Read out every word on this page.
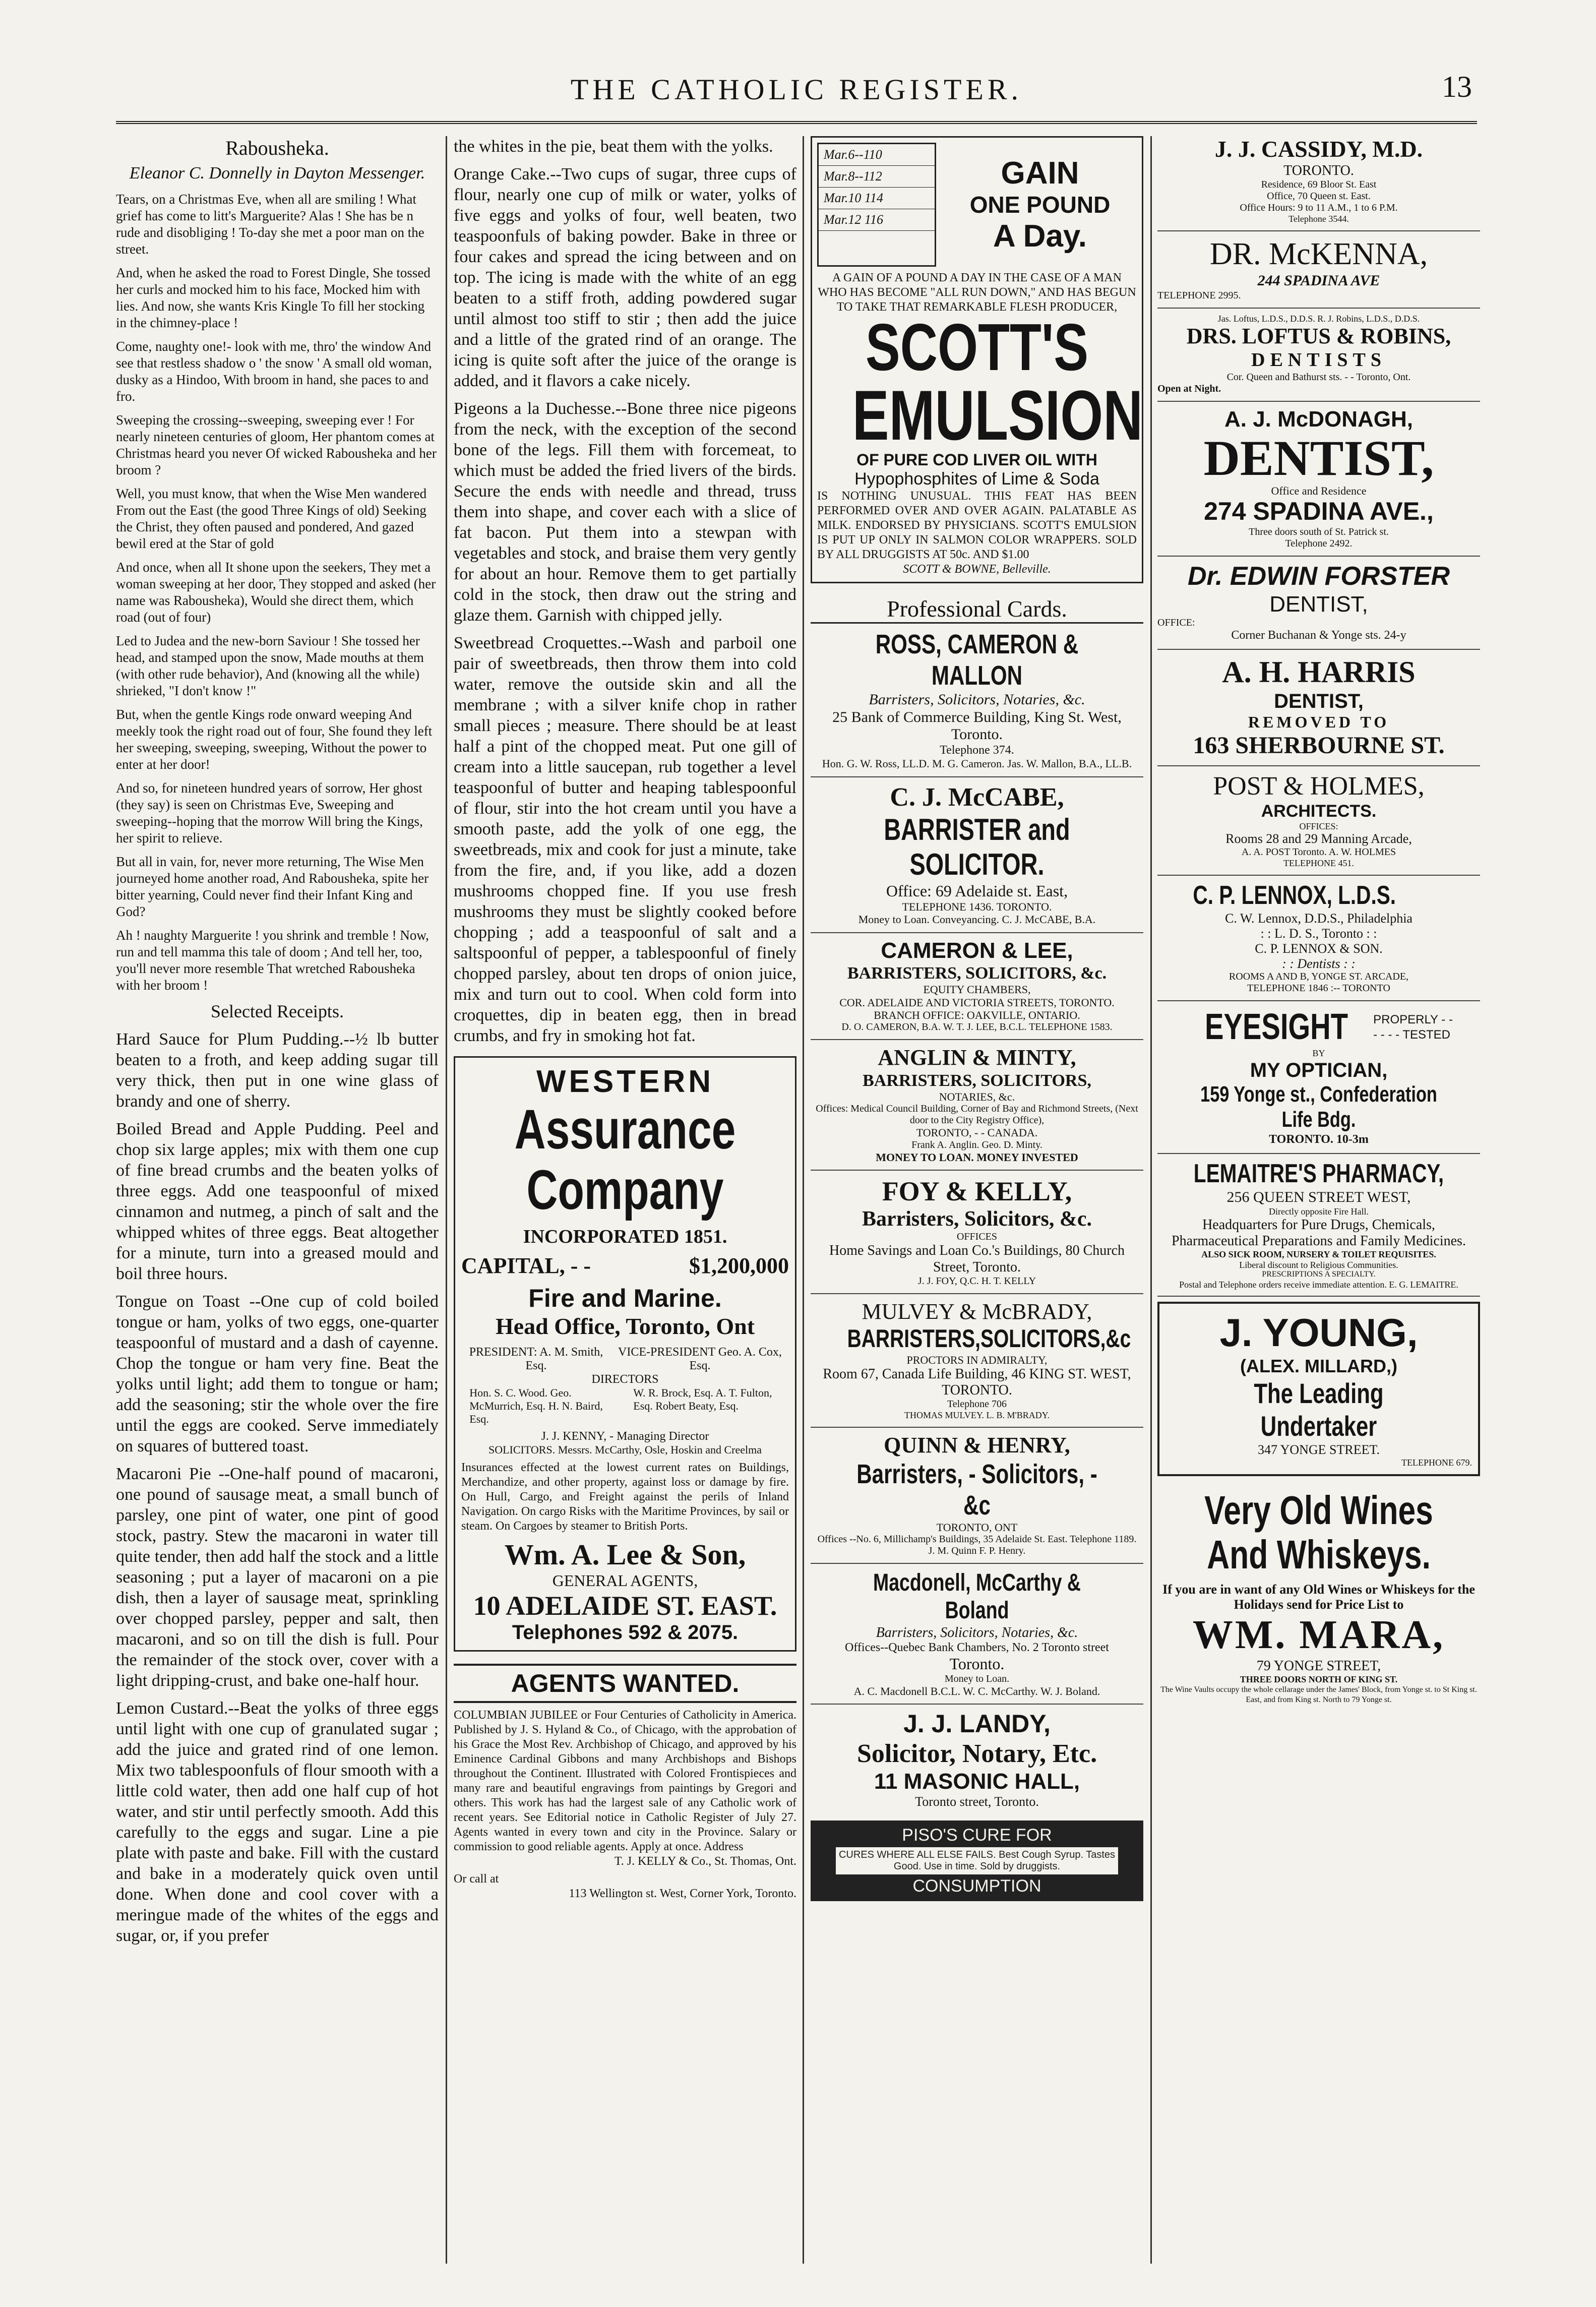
THE CATHOLIC REGISTER.	13
Rabousheka.
Eleanor C. Donnelly in Dayton Messenger.
Tears, on a Christmas Eve, when all are smiling ! What grief has come to litt's Marguerite? Alas ! She has be n rude and disobliging ! To-day she met a poor man on the street.
And, when he asked the road to Forest Dingle, She tossed her curls and mocked him to his face, Mocked him with lies. And now, she wants Kris Kingle To fill her stocking in the chimney-place !
Come, naughty one!- look with me, thro' the window And see that restless shadow o ' the snow ' A small old woman, dusky as a Hindoo, With broom in hand, she paces to and fro.
Sweeping the crossing--sweeping, sweeping ever ! For nearly nineteen centuries of gloom, Her phantom comes at Christmas heard you never Of wicked Rabousheka and her broom ?
Well, you must know, that when the Wise Men wandered From out the East (the good Three Kings of old) Seeking the Christ, they often paused and pondered, And gazed bewil ered at the Star of gold
And once, when all It shone upon the seekers, They met a woman sweeping at her door, They stopped and asked (her name was Rabousheka), Would she direct them, which road (out of four)
Led to Judea and the new-born Saviour ! She tossed her head, and stamped upon the snow, Made mouths at them (with other rude behavior), And (knowing all the while) shrieked, "I don't know !"
But, when the gentle Kings rode onward weeping And meekly took the right road out of four, She found they left her sweeping, sweeping, sweeping, Without the power to enter at her door!
And so, for nineteen hundred years of sorrow, Her ghost (they say) is seen on Christmas Eve, Sweeping and sweeping--hoping that the morrow Will bring the Kings, her spirit to relieve.
But all in vain, for, never more returning, The Wise Men journeyed home another road, And Rabousheka, spite her bitter yearning, Could never find their Infant King and God?
Ah ! naughty Marguerite ! you shrink and tremble ! Now, run and tell mamma this tale of doom ; And tell her, too, you'll never more resemble That wretched Rabousheka with her broom !
Selected Receipts.

Hard Sauce for Plum Pudding.--½ lb butter beaten to a froth, and keep adding sugar till very thick, then put in one wine glass of brandy and one of sherry.

Boiled Bread and Apple Pudding. Peel and chop six large apples; mix with them one cup of fine bread crumbs and the beaten yolks of three eggs. Add one teaspoonful of mixed cinnamon and nutmeg, a pinch of salt and the whipped whites of three eggs. Beat altogether for a minute, turn into a greased mould and boil three hours.

Tongue on Toast --One cup of cold boiled tongue or ham, yolks of two eggs, one-quarter teaspoonful of mustard and a dash of cayenne. Chop the tongue or ham very fine. Beat the yolks until light; add them to tongue or ham; add the seasoning; stir the whole over the fire until the eggs are cooked. Serve immediately on squares of buttered toast.

Macaroni Pie --One-half pound of macaroni, one pound of sausage meat, a small bunch of parsley, one pint of water, one pint of good stock, pastry. Stew the macaroni in water till quite tender, then add half the stock and a little seasoning ; put a layer of macaroni on a pie dish, then a layer of sausage meat, sprinkling over chopped parsley, pepper and salt, then macaroni, and so on till the dish is full. Pour the remainder of the stock over, cover with a light dripping-crust, and bake one-half hour.

Lemon Custard.--Beat the yolks of three eggs until light with one cup of granulated sugar ; add the juice and grated rind of one lemon. Mix two tablespoonfuls of flour smooth with a little cold water, then add one half cup of hot water, and stir until perfectly smooth. Add this carefully to the eggs and sugar. Line a pie plate with paste and bake. Fill with the custard and bake in a moderately quick oven until done. When done and cool cover with a meringue made of the whites of the eggs and sugar, or, if you prefer

the whites in the pie, beat them with the yolks.

Orange Cake.--Two cups of sugar, three cups of flour, nearly one cup of milk or water, yolks of five eggs and yolks of four, well beaten, two teaspoonfuls of baking powder. Bake in three or four cakes and spread the icing between and on top. The icing is made with the white of an egg beaten to a stiff froth, adding powdered sugar until almost too stiff to stir ; then add the juice and a little of the grated rind of an orange. The icing is quite soft after the juice of the orange is added, and it flavors a cake nicely.

Pigeons a la Duchesse.--Bone three nice pigeons from the neck, with the exception of the second bone of the legs. Fill them with forcemeat, to which must be added the fried livers of the birds. Secure the ends with needle and thread, truss them into shape, and cover each with a slice of fat bacon. Put them into a stewpan with vegetables and stock, and braise them very gently for about an hour. Remove them to get partially cold in the stock, then draw out the string and glaze them. Garnish with chipped jelly.

Sweetbread Croquettes.--Wash and parboil one pair of sweetbreads, then throw them into cold water, remove the outside skin and all the membrane ; with a silver knife chop in rather small pieces ; measure. There should be at least half a pint of the chopped meat. Put one gill of cream into a little saucepan, rub together a level teaspoonful of butter and heaping tablespoonful of flour, stir into the hot cream until you have a smooth paste, add the yolk of one egg, the sweetbreads, mix and cook for just a minute, take from the fire, and, if you like, add a dozen mushrooms chopped fine. If you use fresh mushrooms they must be slightly cooked before chopping ; add a teaspoonful of salt and a saltspoonful of pepper, a tablespoonful of finely chopped parsley, about ten drops of onion juice, mix and turn out to cool. When cold form into croquettes, dip in beaten egg, then in bread crumbs, and fry in smoking hot fat.

WESTERN
Assurance Company
INCORPORATED 1851.
CAPITAL, - -	$1,200,000
Fire and Marine.
Head Office, Toronto, Ont
PRESIDENT: A. M. Smith, Esq.
VICE-PRESIDENT Geo. A. Cox, Esq.
DIRECTORS
Hon. S. C. Wood. Geo. McMurrich, Esq. H. N. Baird, Esq.
W. R. Brock, Esq. A. T. Fulton, Esq. Robert Beaty, Esq.
J. J. KENNY, - Managing Director
SOLICITORS. Messrs. McCarthy, Osle, Hoskin and Creelma
Insurances effected at the lowest current rates on Buildings, Merchandize, and other property, against loss or damage by fire. On Hull, Cargo, and Freight against the perils of Inland Navigation. On cargo Risks with the Maritime Provinces, by sail or steam. On Cargoes by steamer to British Ports.
Wm. A. Lee & Son,
GENERAL AGENTS,
10 ADELAIDE ST. EAST.
Telephones 592 & 2075.
AGENTS WANTED.
COLUMBIAN JUBILEE or Four Centuries of Catholicity in America. Published by J. S. Hyland & Co., of Chicago, with the approbation of his Grace the Most Rev. Archbishop of Chicago, and approved by his Eminence Cardinal Gibbons and many Archbishops and Bishops throughout the Continent. Illustrated with Colored Frontispieces and many rare and beautiful engravings from paintings by Gregori and others. This work has had the largest sale of any Catholic work of recent years. See Editorial notice in Catholic Register of July 27. Agents wanted in every town and city in the Province. Salary or commission to good reliable agents. Apply at once. Address
T. J. KELLY & Co., St. Thomas, Ont.
Or call at
113 Wellington st. West, Corner York, Toronto.
Mar.6--110
Mar.8--112
Mar.10 114
Mar.12 116
GAIN
ONE POUND
A Day.
A GAIN OF A POUND A DAY IN THE CASE OF A MAN WHO HAS BECOME "ALL RUN DOWN," AND HAS BEGUN TO TAKE THAT REMARKABLE FLESH PRODUCER,
SCOTT'S
EMULSION
OF PURE COD LIVER OIL WITH
Hypophosphites of Lime & Soda
IS NOTHING UNUSUAL. THIS FEAT HAS BEEN PERFORMED OVER AND OVER AGAIN. PALATABLE AS MILK. ENDORSED BY PHYSICIANS. SCOTT'S EMULSION IS PUT UP ONLY IN SALMON COLOR WRAPPERS. SOLD BY ALL DRUGGISTS AT 50c. AND $1.00
SCOTT & BOWNE, Belleville.
Professional Cards.
ROSS, CAMERON & MALLON
Barristers, Solicitors, Notaries, &c.
25 Bank of Commerce Building, King St. West, Toronto.
Telephone 374.
Hon. G. W. Ross, LL.D. M. G. Cameron. Jas. W. Mallon, B.A., LL.B.
C. J. McCABE,
BARRISTER and SOLICITOR.
Office: 69 Adelaide st. East,
TELEPHONE 1436. TORONTO.
Money to Loan. Conveyancing. C. J. McCABE, B.A.
CAMERON & LEE,
BARRISTERS, SOLICITORS, &c.
EQUITY CHAMBERS,
COR. ADELAIDE AND VICTORIA STREETS, TORONTO.
BRANCH OFFICE: OAKVILLE, ONTARIO.
D. O. CAMERON, B.A. W. T. J. LEE, B.C.L. TELEPHONE 1583.
ANGLIN & MINTY,
BARRISTERS, SOLICITORS,
NOTARIES, &c.
Offices: Medical Council Building, Corner of Bay and Richmond Streets, (Next door to the City Registry Office),
TORONTO, - - CANADA.
Frank A. Anglin. Geo. D. Minty.
MONEY TO LOAN. MONEY INVESTED
FOY & KELLY,
Barristers, Solicitors, &c.
OFFICES
Home Savings and Loan Co.'s Buildings, 80 Church Street, Toronto.
J. J. FOY, Q.C. H. T. KELLY
MULVEY & McBRADY,
BARRISTERS,SOLICITORS,&c
PROCTORS IN ADMIRALTY,
Room 67, Canada Life Building, 46 KING ST. WEST, TORONTO.
Telephone 706
THOMAS MULVEY. L. B. M'BRADY.
QUINN & HENRY,
Barristers, - Solicitors, - &c
TORONTO, ONT
Offices --No. 6, Millichamp's Buildings, 35 Adelaide St. East. Telephone 1189.
J. M. Quinn F. P. Henry.
Macdonell, McCarthy & Boland
Barristers, Solicitors, Notaries, &c.
Offices--Quebec Bank Chambers, No. 2 Toronto street
Toronto.
Money to Loan.
A. C. Macdonell B.C.L. W. C. McCarthy. W. J. Boland.
J. J. LANDY,
Solicitor, Notary, Etc.
11 MASONIC HALL,
Toronto street, Toronto.
PISO'S CURE FOR
CURES WHERE ALL ELSE FAILS. Best Cough Syrup. Tastes Good. Use in time. Sold by druggists.
CONSUMPTION
J. J. CASSIDY, M.D.
TORONTO.
Residence, 69 Bloor St. East
Office, 70 Queen st. East.
Office Hours: 9 to 11 A.M., 1 to 6 P.M.
Telephone 3544.
DR. McKENNA,
244 SPADINA AVE
TELEPHONE 2995.
Jas. Loftus, L.D.S., D.D.S. R. J. Robins, L.D.S., D.D.S.
DRS. LOFTUS & ROBINS,
DENTISTS
Cor. Queen and Bathurst sts. - - Toronto, Ont.
Open at Night.
A. J. McDONAGH,
DENTIST,
Office and Residence
274 SPADINA AVE.,
Three doors south of St. Patrick st.
Telephone 2492.
Dr. EDWIN FORSTER
DENTIST,
OFFICE:
Corner Buchanan & Yonge sts. 24-y
A. H. HARRIS
DENTIST,
REMOVED TO
163 SHERBOURNE ST.
POST & HOLMES,
ARCHITECTS.
OFFICES:
Rooms 28 and 29 Manning Arcade,
A. A. POST Toronto. A. W. HOLMES
TELEPHONE 451.
C. P. LENNOX, L.D.S.
C. W. Lennox, D.D.S., Philadelphia
: : L. D. S., Toronto : :
C. P. LENNOX & SON.
: : Dentists : :
ROOMS A AND B, YONGE ST. ARCADE,
TELEPHONE 1846 :-- TORONTO
EYESIGHT PROPERLY - -
- - - - TESTED
BY
MY OPTICIAN,
159 Yonge st., Confederation Life Bdg.
TORONTO. 10-3m
LEMAITRE'S PHARMACY,
256 QUEEN STREET WEST,
Directly opposite Fire Hall.
Headquarters for Pure Drugs, Chemicals, Pharmaceutical Preparations and Family Medicines.
ALSO SICK ROOM, NURSERY & TOILET REQUISITES.
Liberal discount to Religious Communities.
PRESCRIPTIONS A SPECIALTY.
Postal and Telephone orders receive immediate attention. E. G. LEMAITRE.
J. YOUNG,
(ALEX. MILLARD,)
The Leading Undertaker
347 YONGE STREET.
TELEPHONE 679.
Very Old Wines
And Whiskeys.
If you are in want of any Old Wines or Whiskeys for the Holidays send for Price List to
WM. MARA,
79 YONGE STREET,
THREE DOORS NORTH OF KING ST.
The Wine Vaults occupy the whole cellarage under the James' Block, from Yonge st. to St King st. East, and from King st. North to 79 Yonge st.
